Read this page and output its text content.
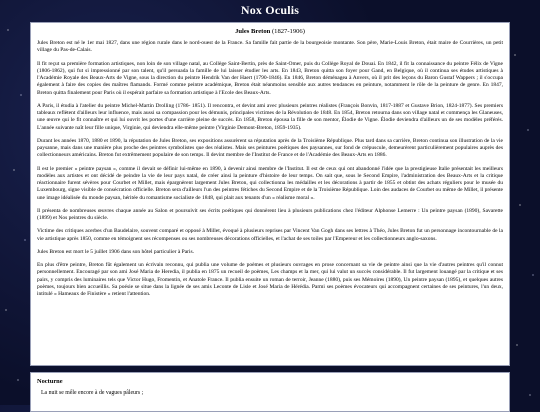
Nox Oculis
Jules Breton (1827-1906)

Jules Breton est né le 1er mai 1827, dans une région rurale dans le nord-ouest de la France. Sa famille fait partie de la bourgeoisie montante. Son père, Marie-Louis Breton, était maire de Courrières, un petit village du Pas-de-Calais.

Il fit reçut sa première formation artistiques, non loin de son village natal, au Collège Saint-Bertin, près de Saint-Omer, puis du Collège Royal de Douai. En 1842, il fit la connaissance du peintre Félix de Vigne (1806-1862), qui fut si impressionné par son talent, qu'il persuada la famille de lui laisser étudier les arts. En 1843, Breton quitta son foyer pour Gand, en Belgique, où il continua ses études artistiques à l'Académie Royale des Beaux-Arts de Vigne, sous la direction du peintre Hendrik Van der Haert (1790-1846). En 1846, Breton déménagea à Anvers, où il prit des leçons du Baron Gustaf Wappers ; il s'occupa également à faire des copies des maîtres flamands. Formé comme peintre académique, Breton était néanmoins sensible aux autres tendances en peinture, notamment le rôle de la peinture de genre. En 1847, Breton quitta finalement pour Paris où il espérait parfaire sa formation artistique à l'Ecole des Beaux-Arts.

A Paris, il étudia à l'atelier du peintre Michel-Martin Drolling (1786- 1851). Il rencontra, et devint ami avec plusieurs peintres réalistes (François Bonvin, 1817-1887 et Gustave Brion, 1824-1877). Ses premiers tableaux reflètent d'ailleurs leur influence, mais aussi sa compassion pour les démunis, principales victimes de la Révolution de 1848. En 1854, Breton retourna dans son village natal et commença les Glaneuses, une œuvre qui le fit connaître et qui lui ouvrit les portes d'une carrière pleine de succès. En 1858, Breton épousa la fille de son mentor, Élodie de Vigne. Élodie deviendra d'ailleurs un de ses modèles préférés. L'année suivante naît leur fille unique, Virginie, qui deviendra elle-même peintre (Virginie Demont-Breton, 1859-1935).

Durant les années 1870, 1880 et 1890, la réputation de Jules Breton, ses expositions assurèrent sa réputation après de la Troisième République. Plus tard dans sa carrière, Breton continua son illustration de la vie paysanne, mais dans une manière plus proche des peintres symbolistes que des réalistes. Mais ses peintures poétiques des paysannes, sur fond de crépuscule, demeurèrent particulièrement populaires auprès des collectionneurs américains. Breton fut extrêmement populaire de son temps. Il devint membre de l'Institut de France et de l'Académie des Beaux-Arts en 1886.

Il est le premier « peintre paysan », comme il devait se définir lui-même en 1890, à devenir ainsi membre de l'Institut. Il est de ceux qui ont abandonné l'idée que la prestigieuse Italie présentait les meilleurs modèles aux artistes et ont décidé de peindre la vie de leur pays natal, de créer ainsi la peinture d'histoire de leur temps. On sait que, sous le Second Empire, l'administration des Beaux-Arts et la critique réactionnaire furent sévères pour Courbet et Millet, mais épargnèrent largement Jules Breton, qui collectionna les médailles et les décorations à partir de 1855 et obtint des achats réguliers pour le musée du Luxembourg, signe visible de consécration officielle. Breton sera d'ailleurs l'un des peintres fétiches du Second Empire et de la Troisième République. Loin des audaces de Courbet ou même de Millet, il présente une image idéalisée du monde paysan, héritée du romantisme socialiste de 1848, qui plait aux tenants d'un « réalisme moral ».

Il présenta de nombreuses œuvres chaque année au Salon et poursuivit ses écrits poétiques qui donnèrent lieu à plusieurs publications chez l'éditeur Alphonse Lemerre : Un peintre paysan (1890), Savarette (1899) et Nos peintres du siècle.

Victime des critiques acerbes d'un Baudelaire, souvent comparé et opposé à Millet, évoqué à plusieurs reprises par Vincent Van Gogh dans ses lettres à Théo, Jules Breton fut un personnage incontournable de la vie artistique après 1850, comme en témoignent ses récompenses ou ses nombreuses décorations officielles, et l'achat de ses toiles par l'Empereur et les collectionneurs anglo-saxons.

Jules Breton est mort le 5 juillet 1906 dans son hôtel particulier à Paris.

En plus d'être peintre, Breton fût également un écrivain reconnu, qui publia une volume de poèmes et plusieurs ouvrages en prose concernant sa vie de peintre ainsi que la vie d'autres peintres qu'il connut personnellement. Encouragé par son ami José Maria de Heredia, il publia en 1875 un recueil de poèmes, Les champs et la mer, qui lui valut un succès considérable. Il fut largement louangé par la critique et ses pairs, y compris des luminaires tels que Victor Hugo, Fromentin, et Anatole France. Il publia ensuite un roman de terroir, Jeanne (1880), puis ses Mémoires (1890), Un peintre paysan (1895), et quelques autres poèmes, toujours bien accueillis. Sa poésie se situe dans la lignée de ses amis Leconte de Lisle et José Maria de Hérédia. Parmi ses poèmes évocateurs qui accompagnent certaines de ses peintures, l'un deux, intitulé « Hameaux de Finistère » retient l'attention.

Nocturne
La nuit se mêle encore à de vagues pâleurs ;
